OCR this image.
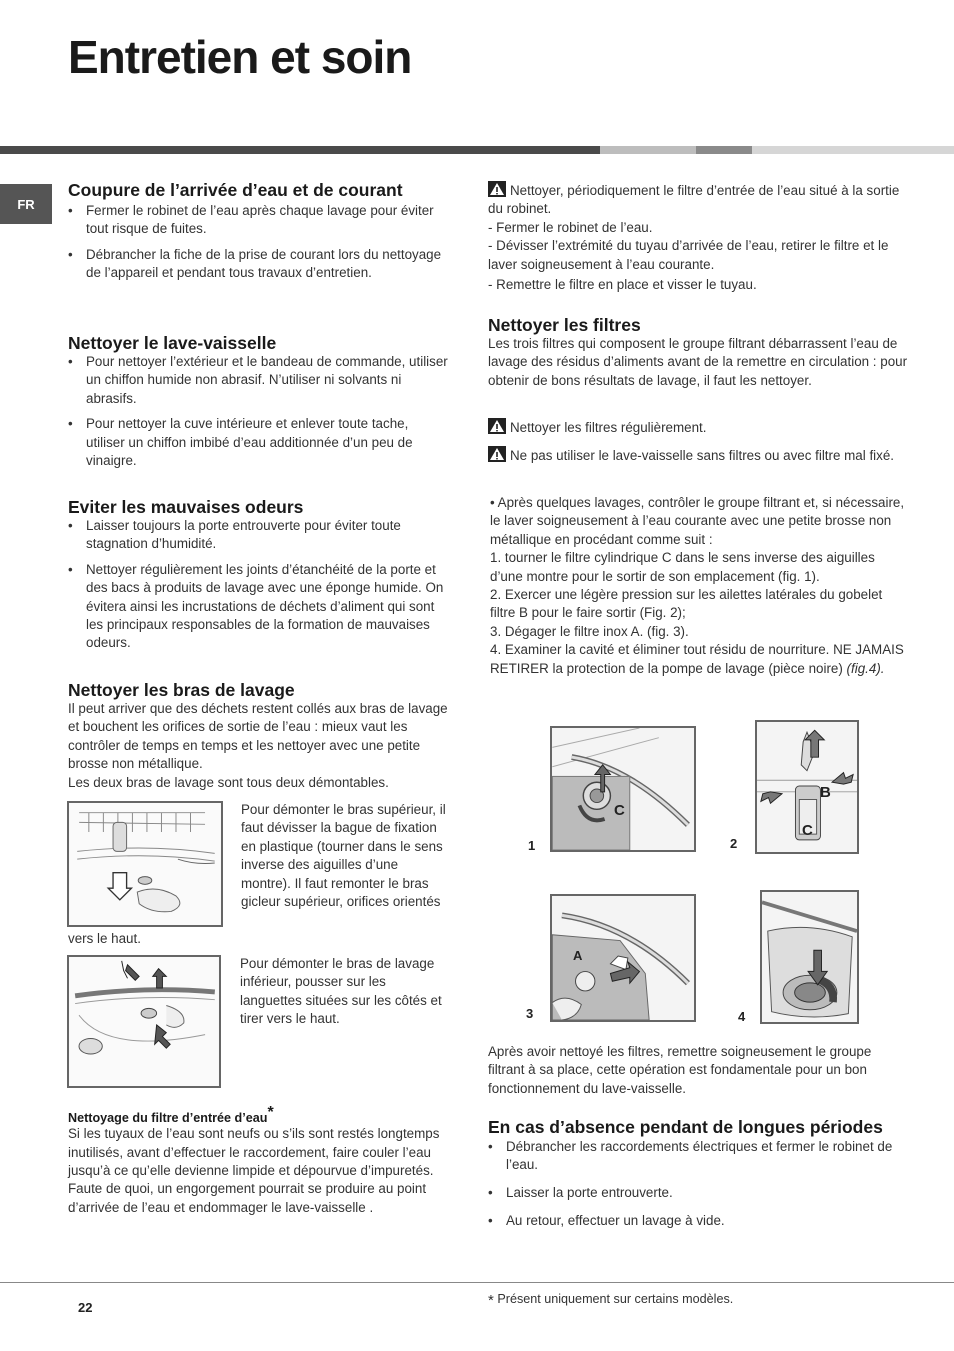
Entretien et soin
FR
Coupure de l’arrivée d’eau et de courant
• Fermer le robinet de l’eau après chaque lavage pour éviter tout risque de fuites.
• Débrancher la fiche de la prise de courant lors du nettoyage de l’appareil et pendant tous travaux d’entretien.
Nettoyer le lave-vaisselle
• Pour nettoyer l’extérieur et le bandeau de commande, utiliser un chiffon humide non abrasif. N’utiliser ni solvants ni abrasifs.
• Pour nettoyer la cuve intérieure et enlever toute tache, utiliser un chiffon imbibé d’eau additionnée d’un peu de vinaigre.
Eviter les mauvaises odeurs
• Laisser toujours la porte entrouverte pour éviter toute stagnation d’humidité.
• Nettoyer régulièrement les joints d’étanchéité de la porte et des bacs à produits de lavage avec une éponge humide. On évitera ainsi les incrustations de déchets d’aliment qui sont les principaux responsables de la formation de mauvaises odeurs.
Nettoyer les bras de lavage

Il peut arriver que des déchets restent collés aux bras de lavage et bouchent les orifices de sortie de l’eau : mieux vaut les contrôler de temps en temps et les nettoyer avec une petite brosse non métallique.

Les deux bras de lavage sont tous deux démontables.

Pour démonter le bras supérieur, il faut dévisser la bague de fixation en plastique (tourner dans le sens inverse des aiguilles d’une montre). Il faut remonter le bras gicleur supérieur, orifices orientés

vers le haut.

Pour démonter le bras de lavage inférieur, pousser sur les languettes situées sur les côtés et tirer vers le haut.

Nettoyage du filtre d’entrée d’eau*

Si les tuyaux de l’eau sont neufs ou s’ils sont restés longtemps inutilisés, avant d’effectuer le raccordement, faire couler l’eau jusqu’à ce qu’elle devienne limpide et dépourvue d’impuretés. Faute de quoi, un engorgement pourrait se produire au point d’arrivée de l’eau et endommager le lave-vaisselle .

Nettoyer, périodiquement le filtre d’entrée de l’eau situé à la sortie du robinet.

- Fermer le robinet de l’eau.

- Dévisser l’extrémité du tuyau d’arrivée de l’eau, retirer le filtre et le laver soigneusement à l’eau courante.

- Remettre le filtre en place et visser le tuyau.

Nettoyer les filtres

Les trois filtres qui composent le groupe filtrant débarrassent l’eau de lavage des résidus d’aliments avant de la remettre en circulation : pour obtenir de bons résultats de lavage, il faut les nettoyer.

Nettoyer les filtres régulièrement.

Ne pas utiliser le lave-vaisselle sans filtres ou avec filtre mal fixé.

• Après quelques lavages, contrôler le groupe filtrant et, si nécessaire, le laver soigneusement à l’eau courante avec une petite brosse non métallique en procédant comme suit :

1. tourner le filtre cylindrique C dans le sens inverse des aiguilles d’une montre pour le sortir de son emplacement (fig. 1).

2. Exercer une légère pression sur les ailettes latérales du gobelet filtre B pour le faire sortir (Fig. 2);

3. Dégager le filtre inox A. (fig. 3).

4. Examiner la cavité et éliminer tout résidu de nourriture. NE JAMAIS RETIRER la protection de la pompe de lavage (pièce noire) (fig.4).

1
C
2
B
C
3
A
4

Après avoir nettoyé les filtres, remettre soigneusement le groupe filtrant à sa place, cette opération est fondamentale pour un bon fonctionnement du lave-vaisselle.

En cas d’absence pendant de longues périodes
• Débrancher les raccordements électriques et fermer le robinet de l’eau.
• Laisser la porte entrouverte.
• Au retour, effectuer un lavage à vide.
22	* Présent uniquement sur certains modèles.
